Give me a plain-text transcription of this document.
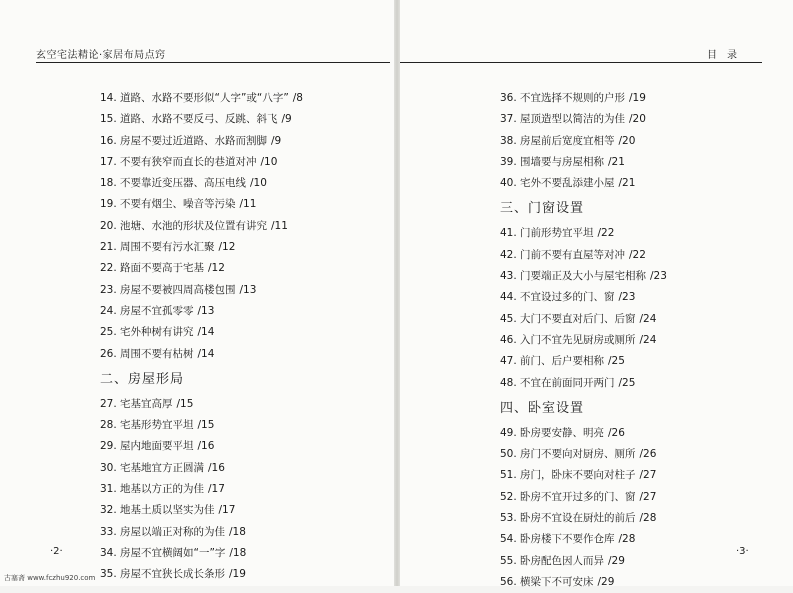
玄空宅法精论·家居布局点窍	目录
14. 道路、水路不要形似“人字”或“八字” /8
15. 道路、水路不要反弓、反跳、斜飞 /9
16. 房屋不要过近道路、水路而割脚 /9
17. 不要有狭窄而直长的巷道对冲 /10
18. 不要靠近变压器、高压电线 /10
19. 不要有烟尘、噪音等污染 /11
20. 池塘、水池的形状及位置有讲究 /11
21. 周围不要有污水汇聚 /12
22. 路面不要高于宅基 /12
23. 房屋不要被四周高楼包围 /13
24. 房屋不宜孤零零 /13
25. 宅外种树有讲究 /14
26. 周围不要有枯树 /14
二、房屋形局
27. 宅基宜高厚 /15
28. 宅基形势宜平坦 /15
29. 屋内地面要平坦 /16
30. 宅基地宜方正圆满 /16
31. 地基以方正的为佳 /17
32. 地基土质以坚实为佳 /17
33. 房屋以端正对称的为佳 /18
34. 房屋不宜横阔如“一”字 /18
35. 房屋不宜狭长成长条形 /19
36. 不宜选择不规则的户形 /19
37. 屋顶造型以简洁的为佳 /20
38. 房屋前后宽度宜相等 /20
39. 围墙要与房屋相称 /21
40. 宅外不要乱添建小屋 /21
三、门窗设置
41. 门前形势宜平坦 /22
42. 门前不要有直屋等对冲 /22
43. 门要端正及大小与屋宅相称 /23
44. 不宜设过多的门、窗 /23
45. 大门不要直对后门、后窗 /24
46. 入门不宜先见厨房或厕所 /24
47. 前门、后户要相称 /25
48. 不宜在前面同开两门 /25
四、卧室设置
49. 卧房要安静、明亮 /26
50. 房门不要向对厨房、厕所 /26
51. 房门，卧床不要向对柱子 /27
52. 卧房不宜开过多的门、窗 /27
53. 卧房不宜设在厨灶的前后 /28
54. 卧房楼下不要作仓库 /28
55. 卧房配色因人而异 /29
56. 横梁下不可安床 /29
·2·	·3·
古塞斋 www.fczhu920.com
